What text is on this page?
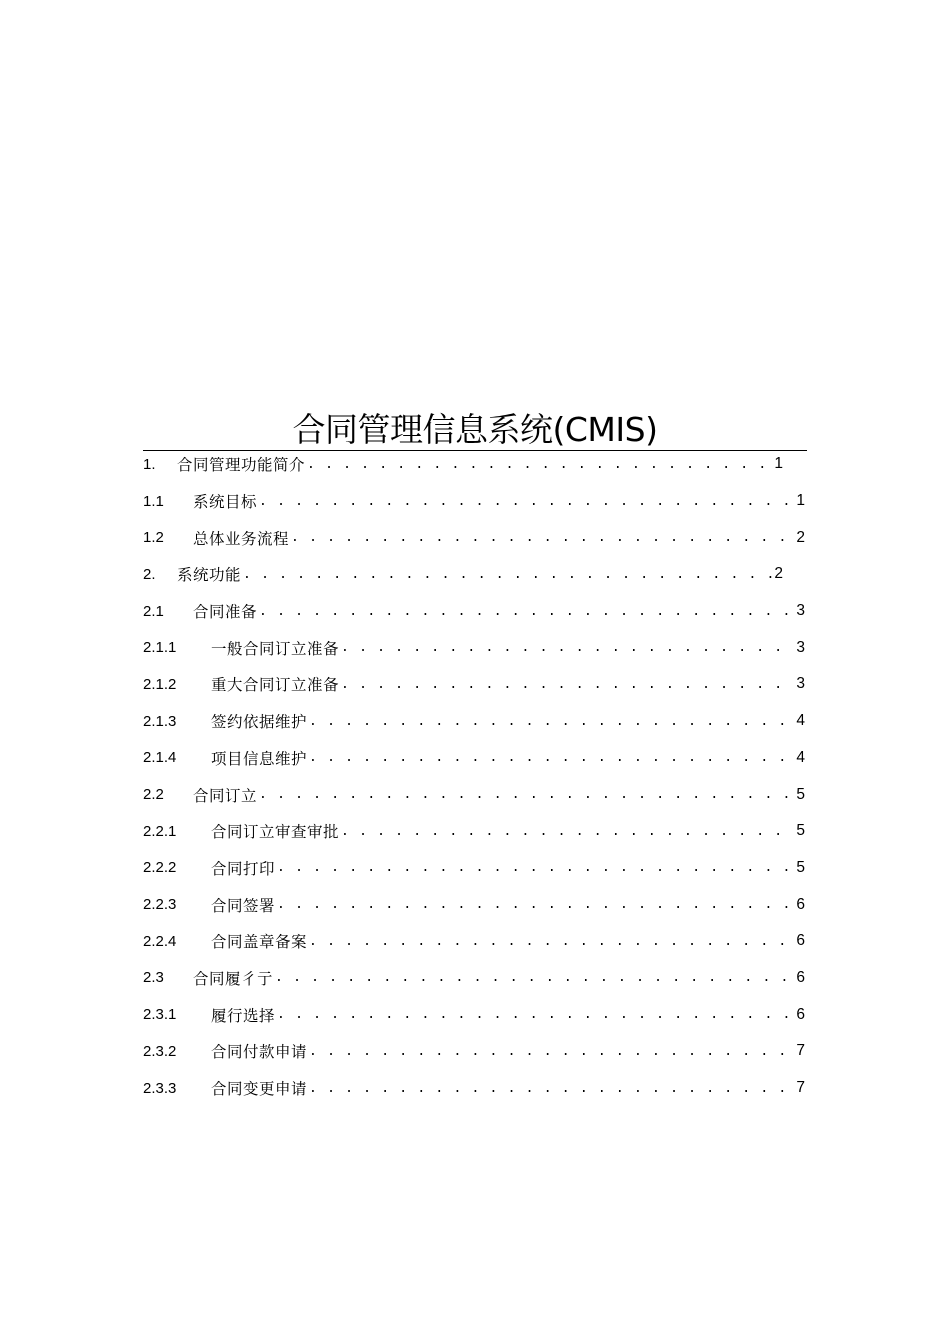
合同管理信息系统(CMIS)
1.	合同管理功能简介 . . .	1
1.1	系统目标 . . .	1
1.2	总体业务流程 . . .	2
2.	系统功能 . . .	2
2.1	合同准备 . . .	3
2.1.1	一般合同订立准备 . . .	3
2.1.2	重大合同订立准备 . . .	3
2.1.3	签约依据维护 . . .	4
2.1.4	项目信息维护 . . .	4
2.2	合同订立 . . .	5
2.2.1	合同订立审查审批 . . .	5
2.2.2	合同打印 . . .	5
2.2.3	合同签署 . . .	6
2.2.4	合同盖章备案 . . .	6
2.3	合同履彳亍 . . .	6
2.3.1	履行选择 . . .	6
2.3.2	合同付款申请 . . .	7
2.3.3	合同变更申请 . . .	7
